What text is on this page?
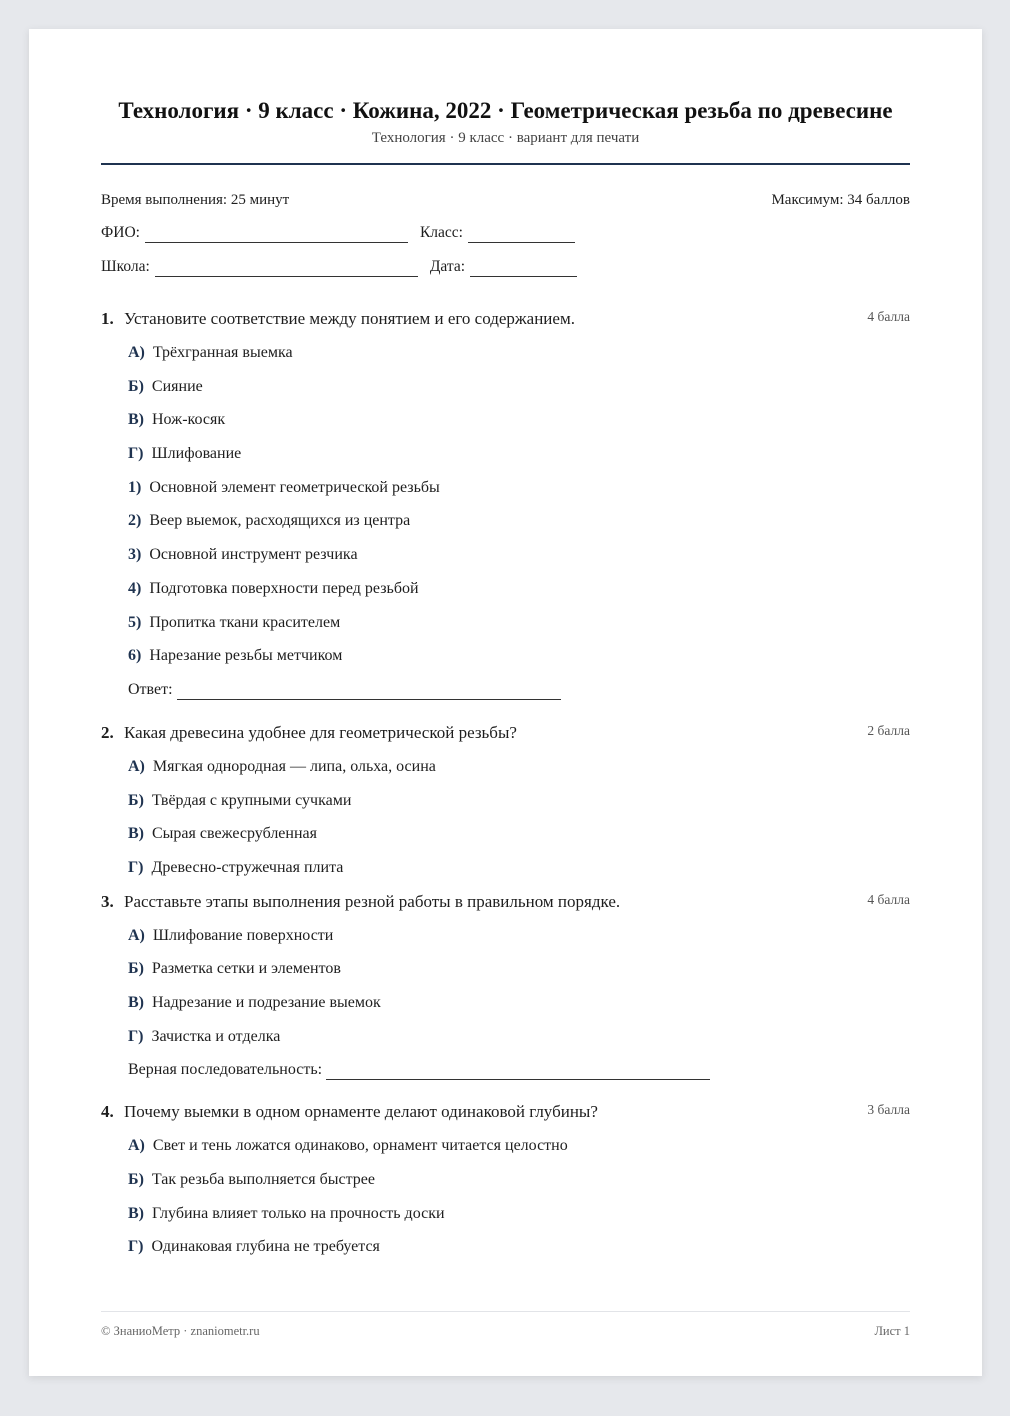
Технология · 9 класс · Кожина, 2022 · Геометрическая резьба по древесине
Технология · 9 класс · вариант для печати
Время выполнения: 25 минут	Максимум: 34 баллов
ФИО:	Класс:
Школа:	Дата:
1. Установите соответствие между понятием и его содержанием.	4 балла
А) Трёхгранная выемка
Б) Сияние
В) Нож-косяк
Г) Шлифование
1) Основной элемент геометрической резьбы
2) Веер выемок, расходящихся из центра
3) Основной инструмент резчика
4) Подготовка поверхности перед резьбой
5) Пропитка ткани красителем
6) Нарезание резьбы метчиком
Ответ:
2. Какая древесина удобнее для геометрической резьбы?	2 балла
А) Мягкая однородная — липа, ольха, осина
Б) Твёрдая с крупными сучками
В) Сырая свежесрубленная
Г) Древесно-стружечная плита
3. Расставьте этапы выполнения резной работы в правильном порядке.	4 балла
А) Шлифование поверхности
Б) Разметка сетки и элементов
В) Надрезание и подрезание выемок
Г) Зачистка и отделка
Верная последовательность:
4. Почему выемки в одном орнаменте делают одинаковой глубины?	3 балла
А) Свет и тень ложатся одинаково, орнамент читается целостно
Б) Так резьба выполняется быстрее
В) Глубина влияет только на прочность доски
Г) Одинаковая глубина не требуется
© ЗнаниоМетр · znaniometr.ru	Лист 1
